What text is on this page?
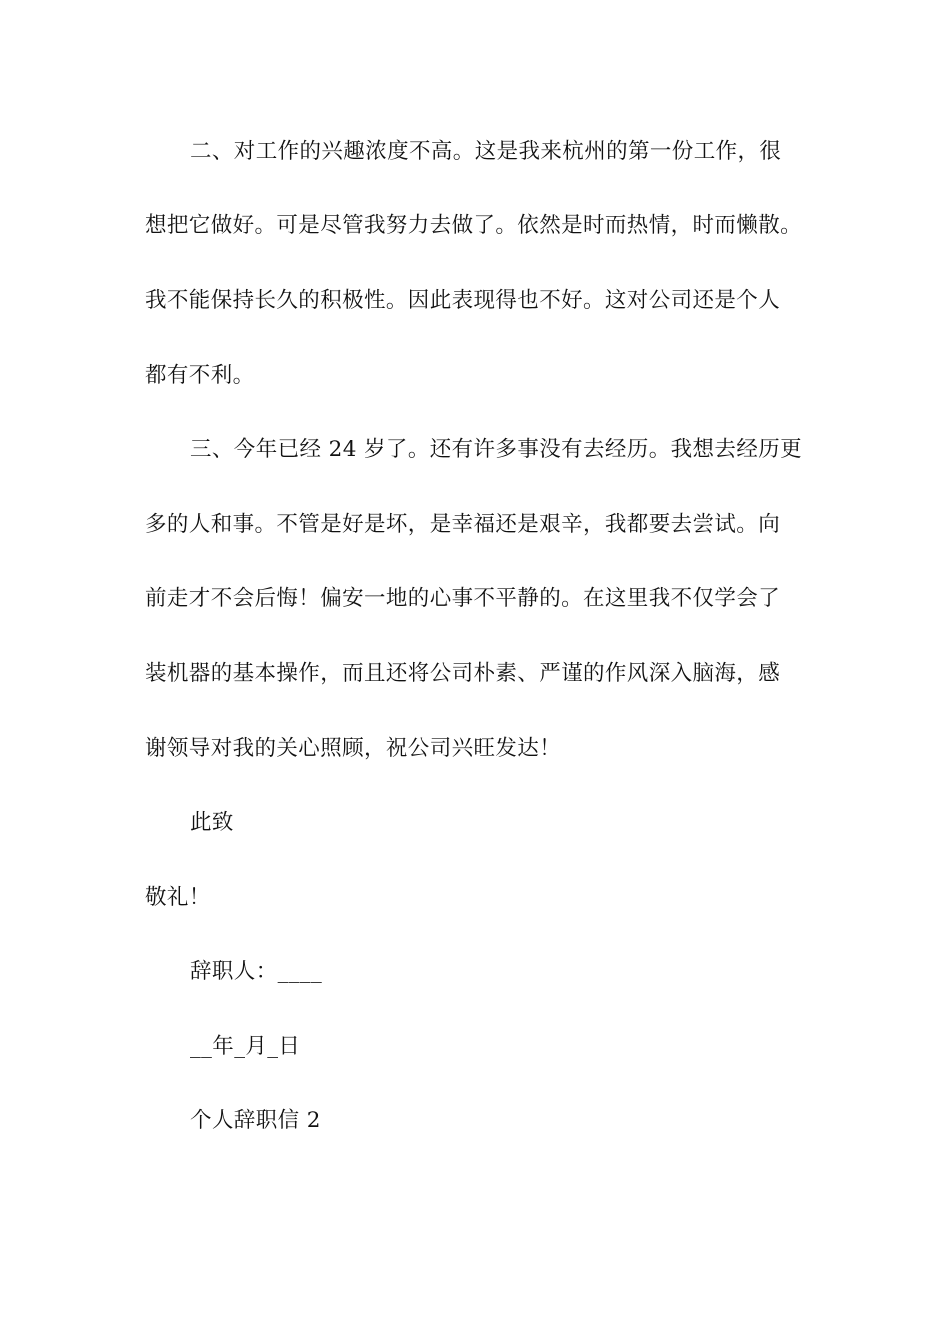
二、对工作的兴趣浓度不高。这是我来杭州的第一份工作，很
想把它做好。可是尽管我努力去做了。依然是时而热情，时而懒散。
我不能保持长久的积极性。因此表现得也不好。这对公司还是个人
都有不利。
三、今年已经 24 岁了。还有许多事没有去经历。我想去经历更
多的人和事。不管是好是坏，是幸福还是艰辛，我都要去尝试。向
前走才不会后悔！偏安一地的心事不平静的。在这里我不仅学会了
装机器的基本操作，而且还将公司朴素、严谨的作风深入脑海，感
谢领导对我的关心照顾，祝公司兴旺发达！
此致
敬礼！
辞职人：____
__年_月_日
个人辞职信 2
